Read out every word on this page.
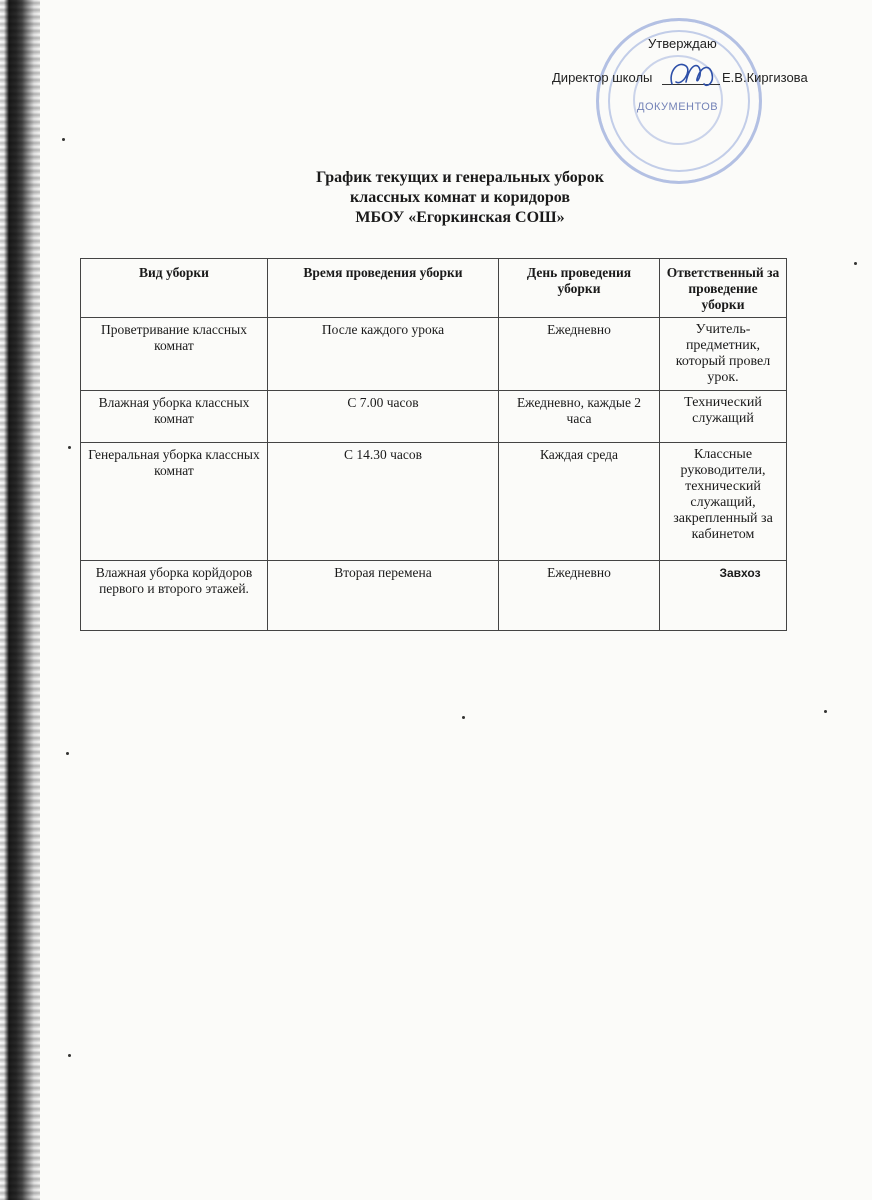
ДОКУМЕНТОВ
Утверждаю
Директор школы	Е.В.Киргизова
График текущих и генеральных уборок
классных комнат и коридоров
МБОУ «Егоркинская СОШ»
Вид уборки	Время проведения уборки	День проведения уборки	Ответственный за проведение уборки
Проветривание классных комнат	После каждого урока	Ежедневно	Учитель-предметник, который провел урок.
Влажная уборка классных комнат	С 7.00 часов	Ежедневно, каждые 2 часа	Технический служащий
Генеральная уборка классных комнат	С 14.30 часов	Каждая среда	Классные руководители, технический служащий, закрепленный за кабинетом
Влажная уборка корйдоров первого и второго этажей.	Вторая перемена	Ежедневно	Завхоз
